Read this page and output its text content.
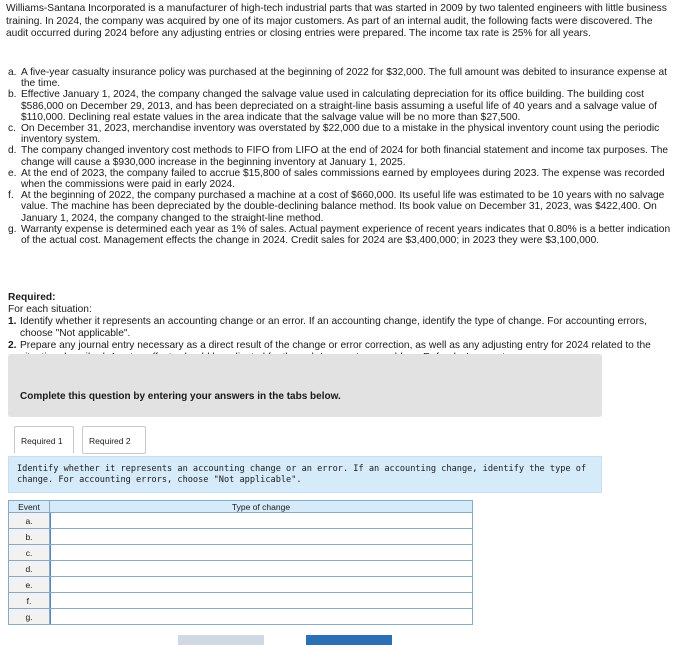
Williams-Santana Incorporated is a manufacturer of high-tech industrial parts that was started in 2009 by two talented engineers with little business training. In 2024, the company was acquired by one of its major customers. As part of an internal audit, the following facts were discovered. The audit occurred during 2024 before any adjusting entries or closing entries were prepared. The income tax rate is 25% for all years.
a. A five-year casualty insurance policy was purchased at the beginning of 2022 for $32,000. The full amount was debited to insurance expense at the time.
b. Effective January 1, 2024, the company changed the salvage value used in calculating depreciation for its office building. The building cost $586,000 on December 29, 2013, and has been depreciated on a straight-line basis assuming a useful life of 40 years and a salvage value of $110,000. Declining real estate values in the area indicate that the salvage value will be no more than $27,500.
c. On December 31, 2023, merchandise inventory was overstated by $22,000 due to a mistake in the physical inventory count using the periodic inventory system.
d. The company changed inventory cost methods to FIFO from LIFO at the end of 2024 for both financial statement and income tax purposes. The change will cause a $930,000 increase in the beginning inventory at January 1, 2025.
e. At the end of 2023, the company failed to accrue $15,800 of sales commissions earned by employees during 2023. The expense was recorded when the commissions were paid in early 2024.
f. At the beginning of 2022, the company purchased a machine at a cost of $660,000. Its useful life was estimated to be 10 years with no salvage value. The machine has been depreciated by the double-declining balance method. Its book value on December 31, 2023, was $422,400. On January 1, 2024, the company changed to the straight-line method.
g. Warranty expense is determined each year as 1% of sales. Actual payment experience of recent years indicates that 0.80% is a better indication of the actual cost. Management effects the change in 2024. Credit sales for 2024 are $3,400,000; in 2023 they were $3,100,000.
Required:
For each situation:
1. Identify whether it represents an accounting change or an error. If an accounting change, identify the type of change. For accounting errors, choose "Not applicable".
2. Prepare any journal entry necessary as a direct result of the change or error correction, as well as any adjusting entry for 2024 related to the
Complete this question by entering your answers in the tabs below.
Required 1	Required 2
Identify whether it represents an accounting change or an error. If an accounting change, identify the type of change. For accounting errors, choose "Not applicable".
Event	Type of change
a.	

b.	

c.	

d.	

e.	

f.	

g.	
